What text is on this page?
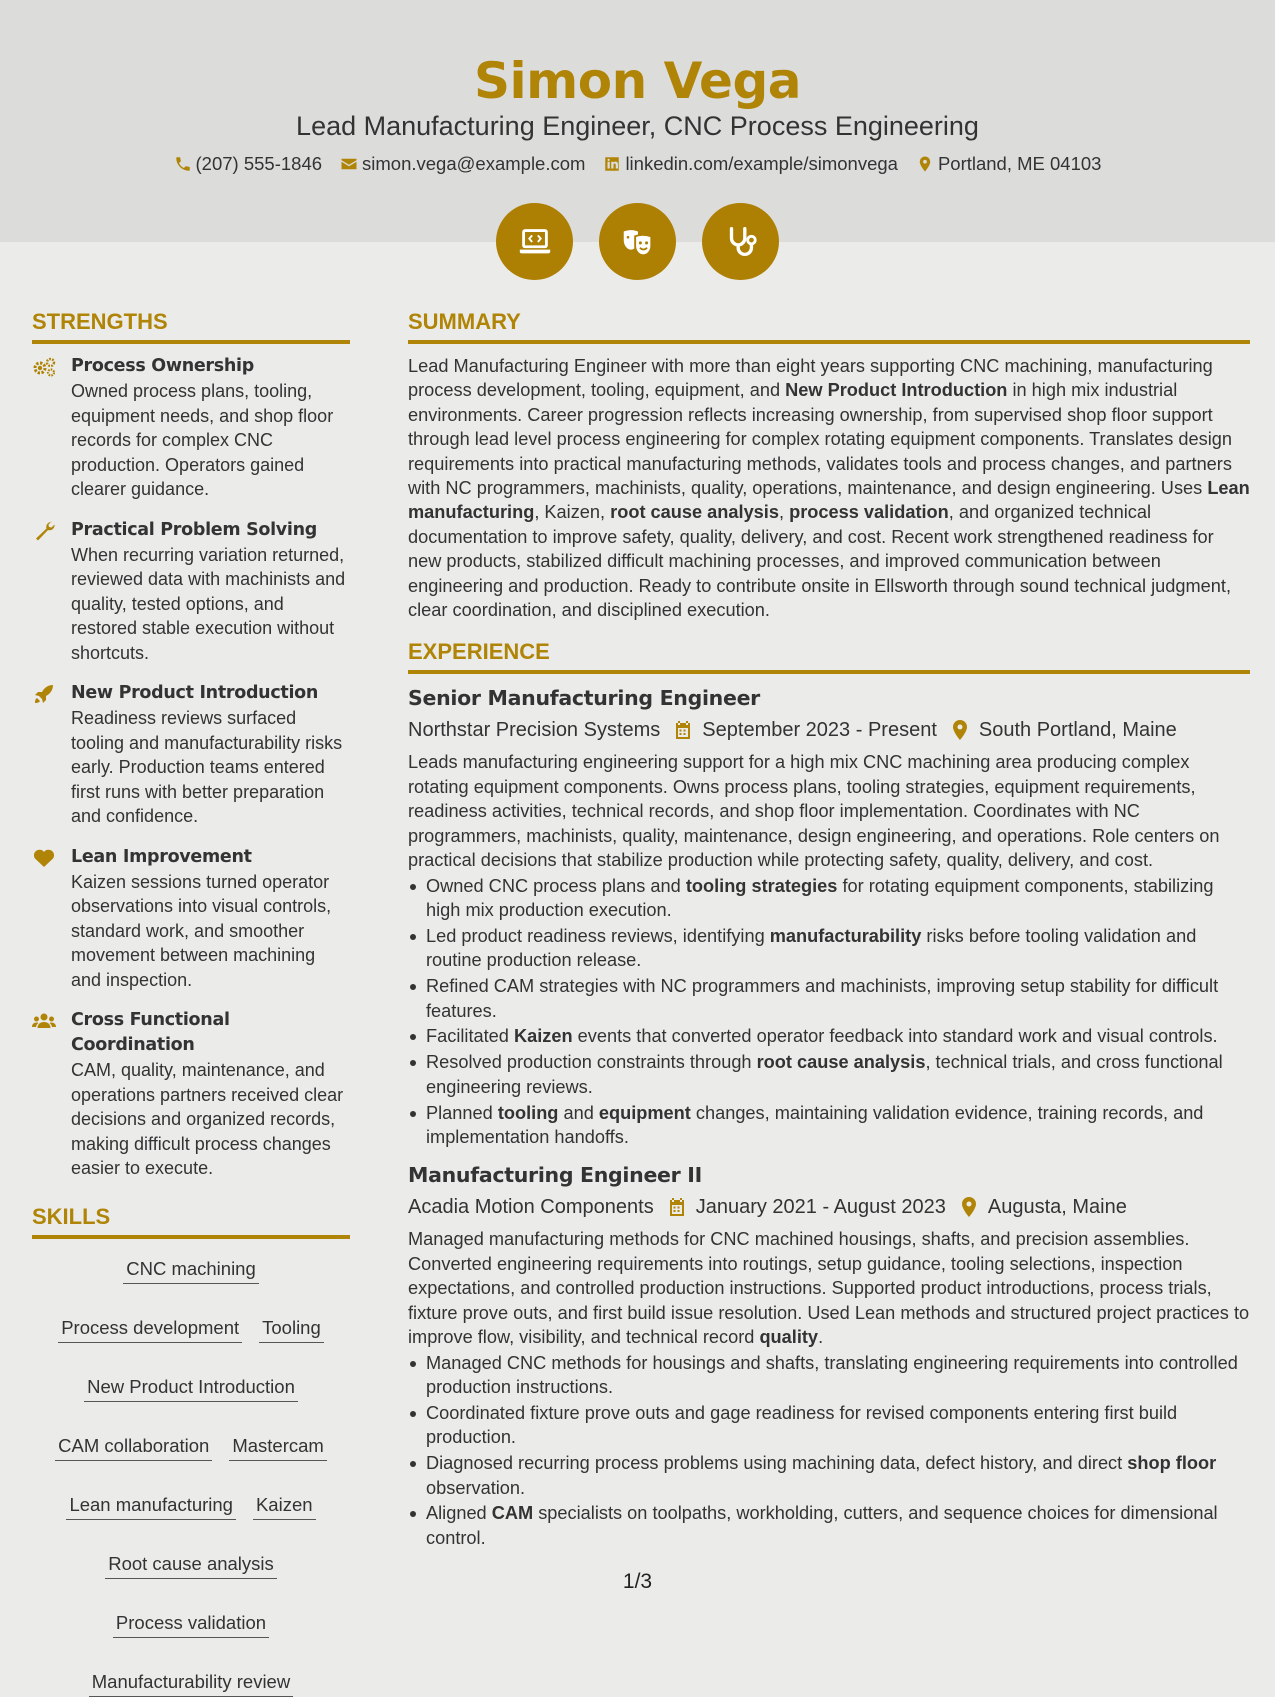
Simon Vega
Lead Manufacturing Engineer, CNC Process Engineering
(207) 555-1846 simon.vega@example.com linkedin.com/example/simonvega Portland, ME 04103
STRENGTHS
Process Ownership

Owned process plans, tooling, equipment needs, and shop floor records for complex CNC production. Operators gained clearer guidance.

Practical Problem Solving

When recurring variation returned, reviewed data with machinists and quality, tested options, and restored stable execution without shortcuts.

New Product Introduction

Readiness reviews surfaced tooling and manufacturability risks early. Production teams entered first runs with better preparation and confidence.

Lean Improvement

Kaizen sessions turned operator observations into visual controls, standard work, and smoother movement between machining and inspection.

Cross Functional Coordination

CAM, quality, maintenance, and operations partners received clear decisions and organized records, making difficult process changes easier to execute.

SKILLS
CNC machining
Process development Tooling
New Product Introduction
CAM collaboration Mastercam
Lean manufacturing Kaizen
Root cause analysis
Process validation
Manufacturability review
SUMMARY

Lead Manufacturing Engineer with more than eight years supporting CNC machining, manufacturing process development, tooling, equipment, and New Product Introduction in high mix industrial environments. Career progression reflects increasing ownership, from supervised shop floor support through lead level process engineering for complex rotating equipment components. Translates design requirements into practical manufacturing methods, validates tools and process changes, and partners with NC programmers, machinists, quality, operations, maintenance, and design engineering. Uses Lean manufacturing, Kaizen, root cause analysis, process validation, and organized technical documentation to improve safety, quality, delivery, and cost. Recent work strengthened readiness for new products, stabilized difficult machining processes, and improved communication between engineering and production. Ready to contribute onsite in Ellsworth through sound technical judgment, clear coordination, and disciplined execution.

EXPERIENCE
Senior Manufacturing Engineer
Northstar Precision Systems September 2023 - Present South Portland, Maine

Leads manufacturing engineering support for a high mix CNC machining area producing complex rotating equipment components. Owns process plans, tooling strategies, equipment requirements, readiness activities, technical records, and shop floor implementation. Coordinates with NC programmers, machinists, quality, maintenance, design engineering, and operations. Role centers on practical decisions that stabilize production while protecting safety, quality, delivery, and cost.

Owned CNC process plans and tooling strategies for rotating equipment components, stabilizing high mix production execution.
Led product readiness reviews, identifying manufacturability risks before tooling validation and routine production release.
Refined CAM strategies with NC programmers and machinists, improving setup stability for difficult features.
Facilitated Kaizen events that converted operator feedback into standard work and visual controls.
Resolved production constraints through root cause analysis, technical trials, and cross functional engineering reviews.
Planned tooling and equipment changes, maintaining validation evidence, training records, and implementation handoffs.
Manufacturing Engineer II
Acadia Motion Components January 2021 - August 2023 Augusta, Maine

Managed manufacturing methods for CNC machined housings, shafts, and precision assemblies. Converted engineering requirements into routings, setup guidance, tooling selections, inspection expectations, and controlled production instructions. Supported product introductions, process trials, fixture prove outs, and first build issue resolution. Used Lean methods and structured project practices to improve flow, visibility, and technical record quality.

Managed CNC methods for housings and shafts, translating engineering requirements into controlled production instructions.
Coordinated fixture prove outs and gage readiness for revised components entering first build production.
Diagnosed recurring process problems using machining data, defect history, and direct shop floor observation.
Aligned CAM specialists on toolpaths, workholding, cutters, and sequence choices for dimensional control.
1/3
